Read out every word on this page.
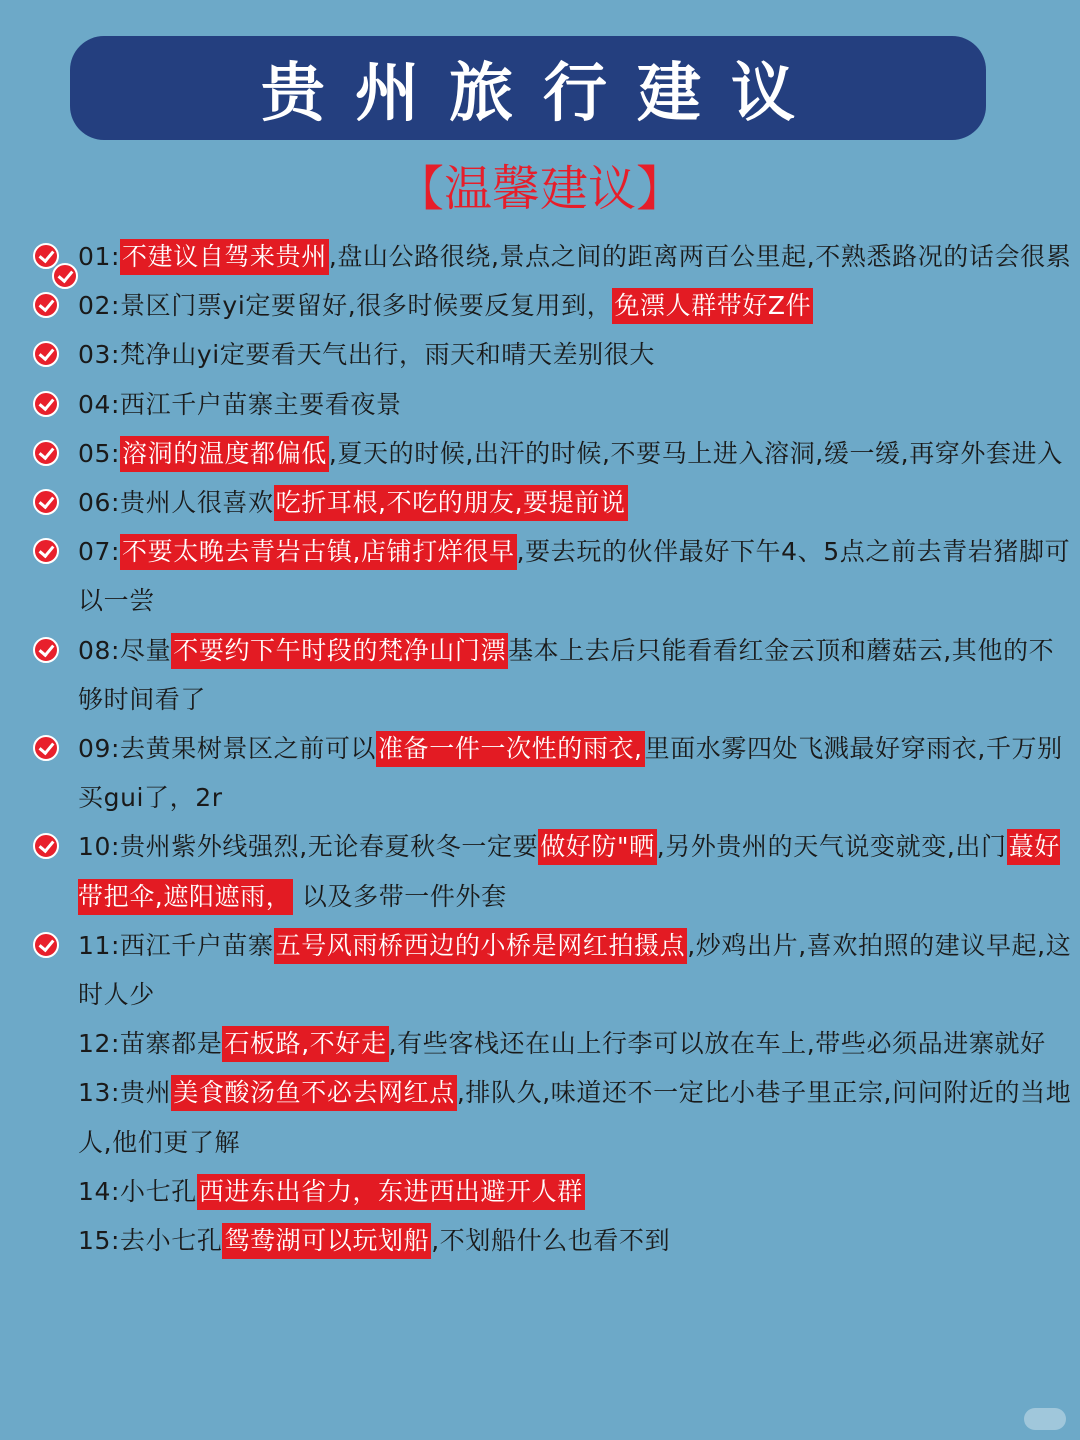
贵州旅行建议
【温馨建议】
01:不建议自驾来贵州,盘山公路很绕,景点之间的距离两百公里起,不熟悉路况的话会很累
02:景区门票yi定要留好,很多时候要反复用到，免漂人群带好Z件
03:梵净山yi定要看天气出行，雨天和晴天差别很大
04:西江千户苗寨主要看夜景
05:溶洞的温度都偏低,夏天的时候,出汗的时候,不要马上进入溶洞,缓一缓,再穿外套进入
06:贵州人很喜欢吃折耳根,不吃的朋友,要提前说
07:不要太晚去青岩古镇,店铺打烊很早,要去玩的伙伴最好下午4、5点之前去青岩猪脚可以一尝
08:尽量不要约下午时段的梵净山门漂基本上去后只能看看红金云顶和蘑菇云,其他的不够时间看了
09:去黄果树景区之前可以准备一件一次性的雨衣,里面水雾四处飞溅最好穿雨衣,千万别买gui了，2r
10:贵州紫外线强烈,无论春夏秋冬一定要做好防"晒,另外贵州的天气说变就变,出门蕞好带把伞,遮阳遮雨， 以及多带一件外套
11:西江千户苗寨五号风雨桥西边的小桥是网红拍摄点,炒鸡出片,喜欢拍照的建议早起,这时人少
12:苗寨都是石板路,不好走,有些客栈还在山上行李可以放在车上,带些必须品进寨就好
13:贵州美食酸汤鱼不必去网红点,排队久,味道还不一定比小巷子里正宗,问问附近的当地人,他们更了解
14:小七孔西进东出省力，东进西出避开人群
15:去小七孔鸳鸯湖可以玩划船,不划船什么也看不到
